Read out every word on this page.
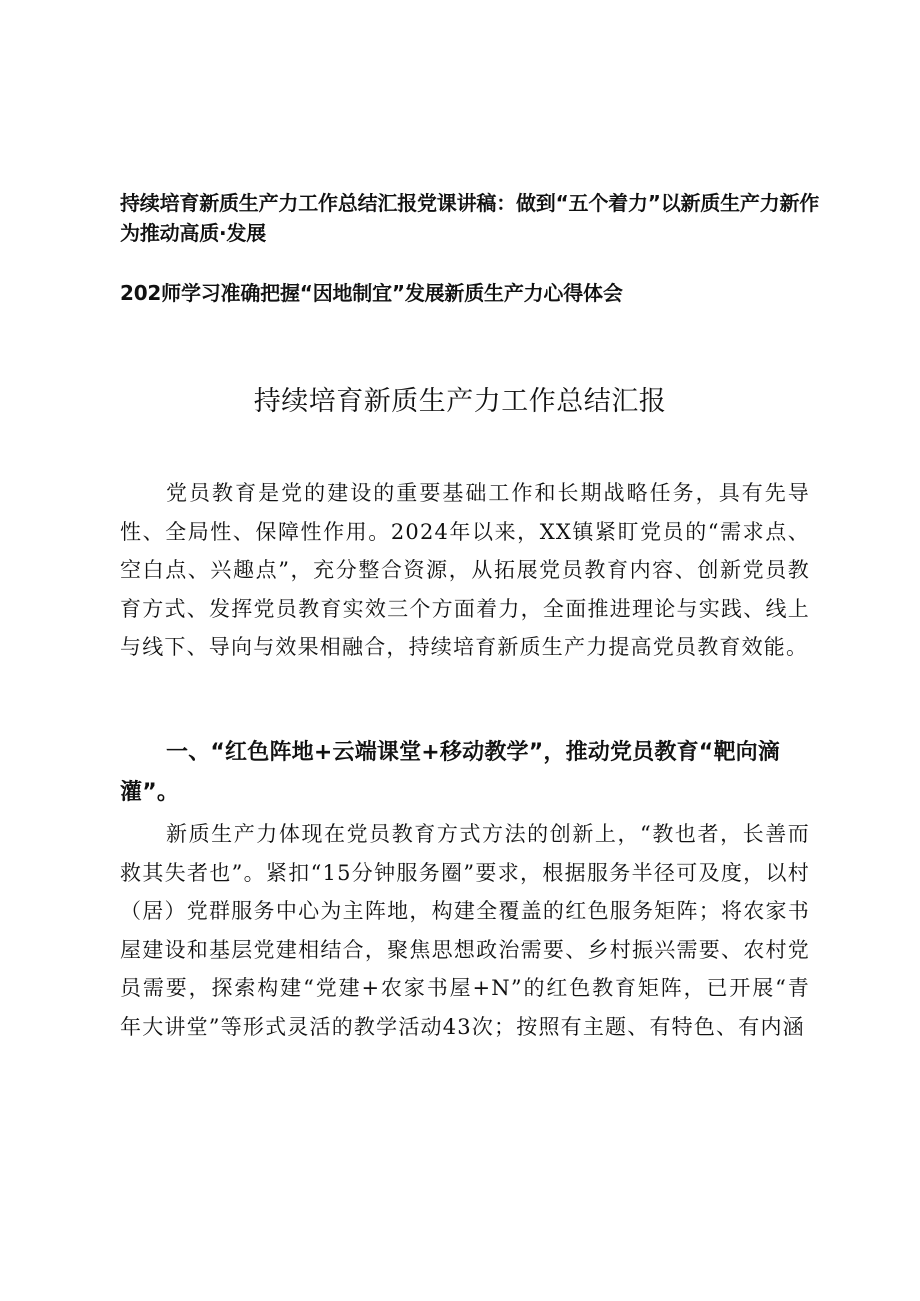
持续培育新质生产力工作总结汇报党课讲稿：做到“五个着力”以新质生产力新作为推动高质·发展

202师学习准确把握“因地制宜”发展新质生产力心得体会

持续培育新质生产力工作总结汇报

党员教育是党的建设的重要基础工作和长期战略任务，具有先导性、全局性、保障性作用。2024年以来，XX镇紧盯党员的“需求点、空白点、兴趣点”，充分整合资源，从拓展党员教育内容、创新党员教育方式、发挥党员教育实效三个方面着力，全面推进理论与实践、线上与线下、导向与效果相融合，持续培育新质生产力提高党员教育效能。

一、“红色阵地+云端课堂+移动教学”，推动党员教育“靶向滴灌”。

新质生产力体现在党员教育方式方法的创新上，“教也者，长善而救其失者也”。紧扣“15分钟服务圈”要求，根据服务半径可及度，以村（居）党群服务中心为主阵地，构建全覆盖的红色服务矩阵；将农家书屋建设和基层党建相结合，聚焦思想政治需要、乡村振兴需要、农村党员需要，探索构建“党建+农家书屋+N”的红色教育矩阵，已开展“青年大讲堂”等形式灵活的教学活动43次；按照有主题、有特色、有内涵
